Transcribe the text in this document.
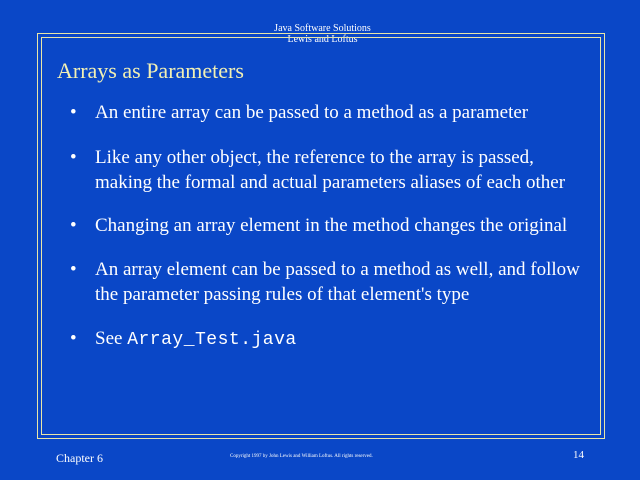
Java Software Solutions
Lewis and Loftus

Arrays as Parameters
• An entire array can be passed to a method as a parameter
• Like any other object, the reference to the array is passed, making the formal and actual parameters aliases of each other
• Changing an array element in the method changes the original
• An array element can be passed to a method as well, and follow the parameter passing rules of that element's type
• See Array_Test.java
Chapter 6	Copyright 1997 by John Lewis and William Loftus. All rights reserved.	14
